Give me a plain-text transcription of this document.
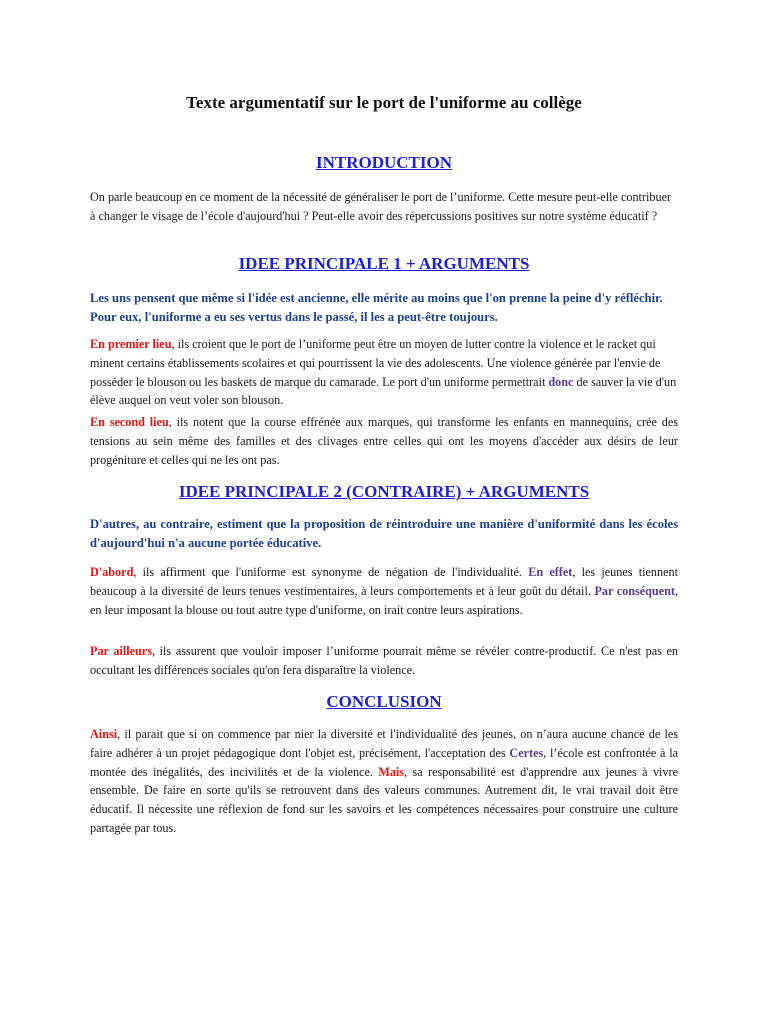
Texte argumentatif sur le port de l'uniforme au collège
INTRODUCTION

On parle beaucoup en ce moment de la nécessité de généraliser le port de l’uniforme. Cette mesure peut-elle contribuer à changer le visage de l’école d'aujourd'hui ? Peut-elle avoir des répercussions positives sur notre système éducatif ?

IDEE PRINCIPALE 1 + ARGUMENTS

Les uns pensent que même si l'idée est ancienne, elle mérite au moins que l'on prenne la peine d'y réfléchir. Pour eux, l'uniforme a eu ses vertus dans le passé, il les a peut-être toujours.

En premier lieu, ils croient que le port de l’uniforme peut être un moyen de lutter contre la violence et le racket qui minent certains établissements scolaires et qui pourrissent la vie des adolescents. Une violence générée par l'envie de posséder le blouson ou les baskets de marque du camarade. Le port d'un uniforme permettrait donc de sauver la vie d'un élève auquel on veut voler son blouson.

En second lieu, ils notent que la course effrénée aux marques, qui transforme les enfants en mannequins, crée des tensions au sein même des familles et des clivages entre celles qui ont les moyens d'accéder aux désirs de leur progéniture et celles qui ne les ont pas.

IDEE PRINCIPALE 2 (CONTRAIRE) + ARGUMENTS

D'autres, au contraire, estiment que la proposition de réintroduire une manière d'uniformité dans les écoles d'aujourd'hui n'a aucune portée éducative.

D'abord, ils affirment que l'uniforme est synonyme de négation de l'individualité. En effet, les jeunes tiennent beaucoup à la diversité de leurs tenues vestimentaires, à leurs comportements et à leur goût du détail. Par conséquent, en leur imposant la blouse ou tout autre type d'uniforme, on irait contre leurs aspirations.

Par ailleurs, ils assurent que vouloir imposer l’uniforme pourrait même se révéler contre-productif. Ce n'est pas en occultant les différences sociales qu'on fera disparaître la violence.

CONCLUSION

Ainsi, il parait que si on commence par nier la diversité et l'individualité des jeunes, on n’aura aucune chance de les faire adhérer à un projet pédagogique dont l'objet est, précisément, l'acceptation des Certes, l’école est confrontée à la montée des inégalités, des incivilités et de la violence. Mais, sa responsabilité est d'apprendre aux jeunes à vivre ensemble. De faire en sorte qu'ils se retrouvent dans des valeurs communes. Autrement dit, le vrai travail doit être éducatif. Il nécessite une réflexion de fond sur les savoirs et les compétences nécessaires pour construire une culture partagée par tous.
